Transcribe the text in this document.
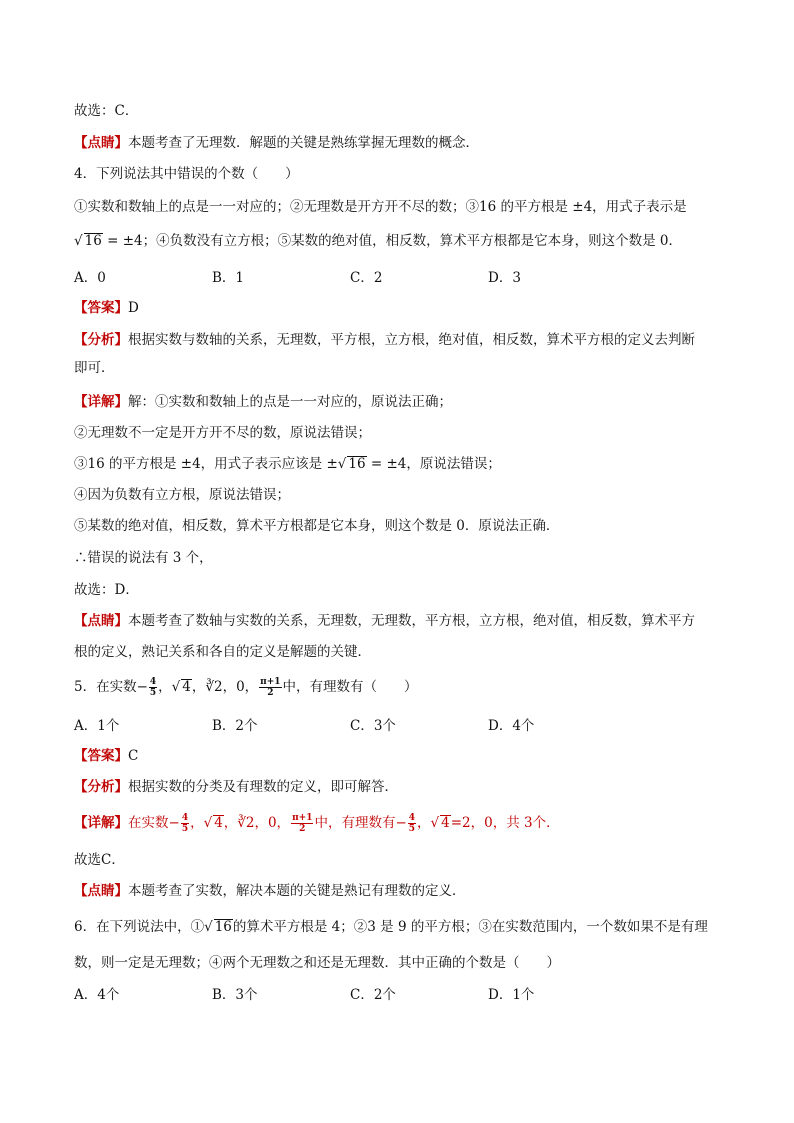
故选：C．
【点睛】本题考查了无理数．解题的关键是熟练掌握无理数的概念．
4．下列说法其中错误的个数（　　）
①实数和数轴上的点是一一对应的；②无理数是开方开不尽的数；③16 的平方根是 ±4，用式子表示是
√ 16 = ±4；④负数没有立方根；⑤某数的绝对值，相反数，算术平方根都是它本身，则这个数是 0．
A．0	B．1	C．2	D．3
【答案】D
【分析】根据实数与数轴的关系，无理数，平方根，立方根，绝对值，相反数，算术平方根的定义去判断
即可．
【详解】解：①实数和数轴上的点是一一对应的，原说法正确；
②无理数不一定是开方开不尽的数，原说法错误；
③16 的平方根是 ±4，用式子表示应该是 ±√ 16 = ±4，原说法错误；
④因为负数有立方根，原说法错误；
⑤某数的绝对值，相反数，算术平方根都是它本身，则这个数是 0．原说法正确．
∴错误的说法有 3 个，
故选：D．
【点睛】本题考查了数轴与实数的关系，无理数，无理数，平方根，立方根，绝对值，相反数，算术平方
根的定义，熟记关系和各自的定义是解题的关键．
5．在实数− $\frac{4}{5}$ ，√ 4，∛2，0， $\frac{\pi+1}{2}$ 中，有理数有（　　）
A．1个	B．2个	C．3个	D．4个
【答案】C
【分析】根据实数的分类及有理数的定义，即可解答．
【详解】在实数− $\frac{4}{5}$ ，√ 4，∛2，0， $\frac{\pi+1}{2}$ 中，有理数有− $\frac{4}{5}$ ，√ 4=2，0，共 3个．
故选C．
【点睛】本题考查了实数，解决本题的关键是熟记有理数的定义．
6．在下列说法中，①√ 16的算术平方根是 4；②3 是 9 的平方根；③在实数范围内，一个数如果不是有理
数，则一定是无理数；④两个无理数之和还是无理数．其中正确的个数是（　　）
A．4个	B．3个	C．2个	D．1个
